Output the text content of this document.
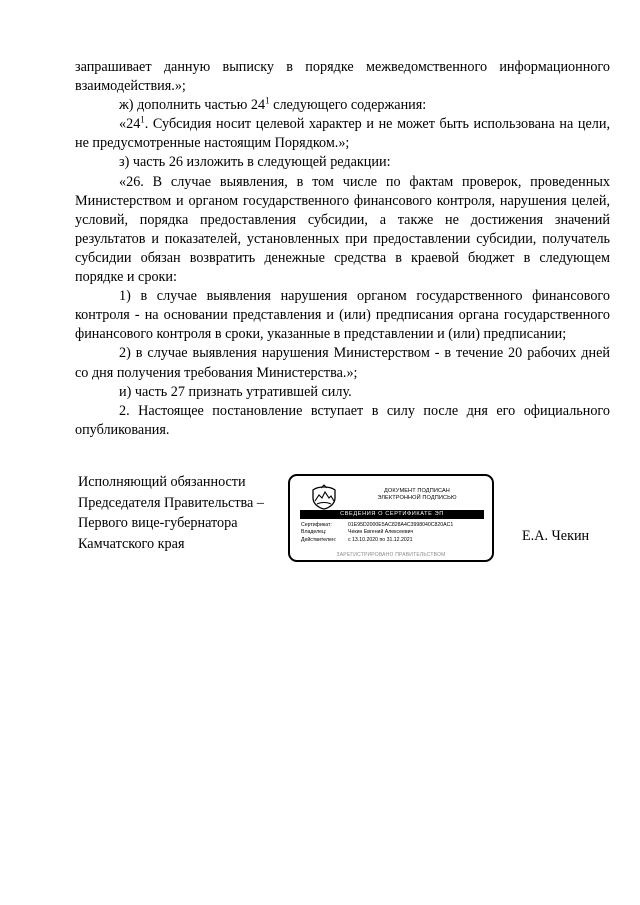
запрашивает данную выписку в порядке межведомственного информационного взаимодействия.»;

ж) дополнить частью $24^1$ следующего содержания:

«$24^1$. Субсидия носит целевой характер и не может быть использована на цели, не предусмотренные настоящим Порядком.»;

з) часть 26 изложить в следующей редакции:

«26. В случае выявления, в том числе по фактам проверок, проведенных Министерством и органом государственного финансового контроля, нарушения целей, условий, порядка предоставления субсидии, а также не достижения значений результатов и показателей, установленных при предоставлении субсидии, получатель субсидии обязан возвратить денежные средства в краевой бюджет в следующем порядке и сроки:

1) в случае выявления нарушения органом государственного финансового контроля - на основании представления и (или) предписания органа государственного финансового контроля в сроки, указанные в представлении и (или) предписании;

2) в случае выявления нарушения Министерством - в течение 20 рабочих дней со дня получения требования Министерства.»;

и) часть 27 признать утратившей силу.

2. Настоящее постановление вступает в силу после дня его официального опубликования.

Исполняющий обязанности
Председателя Правительства –
Первого вице-губернатора
Камчатского края
ДОКУМЕНТ ПОДПИСАН
ЭЛЕКТРОННОЙ ПОДПИСЬЮ
СВЕДЕНИЯ О СЕРТИФИКАТЕ ЭП
Сертификат:	01E95D2000E5AC828A4C3998040C820AC1
Владелец:	Чекин Евгений Алексеевич
Действителен:	с 13.10.2020 по 31.12.2021
ЗАРЕГИСТРИРОВАНО ПРАВИТЕЛЬСТВОМ
Е.А. Чекин
